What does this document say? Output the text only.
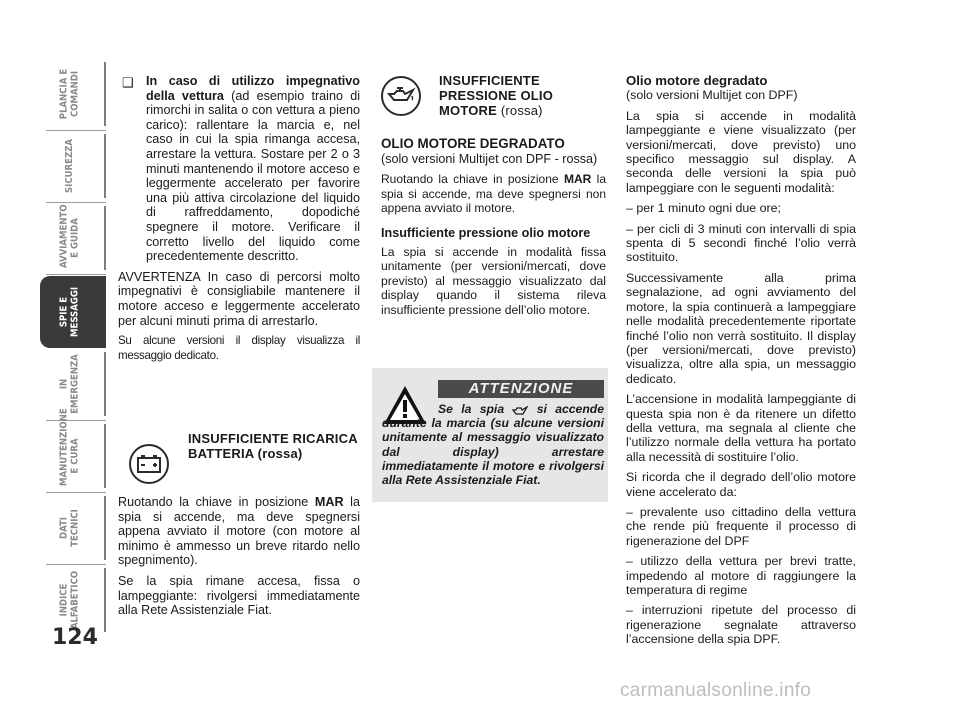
PLANCIA E COMANDI
SICUREZZA
AVVIAMENTO E GUIDA
SPIE E MESSAGGI
IN EMERGENZA
MANUTENZIONE E CURA
DATI TECNICI
INDICE ALFABETICO
124

❑ In caso di utilizzo impegnativo della vettura (ad esempio traino di rimorchi in salita o con vettura a pieno carico): rallentare la marcia e, nel caso in cui la spia rimanga accesa, arrestare la vettura. Sostare per 2 o 3 minuti mantenendo il motore acceso e leggermente accelerato per favorire una più attiva circolazione del liquido di raffreddamento, dopodiché spegnere il motore. Verificare il corretto livello del liquido come precedentemente descritto.

AVVERTENZA In caso di percorsi molto impegnativi è consigliabile mantenere il motore acceso e leggermente accelerato per alcuni minuti prima di arrestarlo.

Su alcune versioni il display visualizza il messaggio dedicato.

INSUFFICIENTE RICARICA BATTERIA (rossa)

Ruotando la chiave in posizione MAR la spia si accende, ma deve spegnersi appena avviato il motore (con motore al minimo è ammesso un breve ritardo nello spegnimento).

Se la spia rimane accesa, fissa o lampeggiante: rivolgersi immediatamente alla Rete Assistenziale Fiat.

INSUFFICIENTE PRESSIONE OLIO MOTORE (rossa)
OLIO MOTORE DEGRADATO

(solo versioni Multijet con DPF - rossa)

Ruotando la chiave in posizione MAR la spia si accende, ma deve spegnersi non appena avviato il motore.

Insufficiente pressione olio motore

La spia si accende in modalità fissa unitamente (per versioni/mercati, dove previsto) al messaggio visualizzato dal display quando il sistema rileva insufficiente pressione dell’olio motore.

ATTENZIONE
Se la spia  si accende durante la marcia (su alcune versioni unitamente al messaggio visualizzato dal display) arrestare immediatamente il motore e rivolgersi alla Rete Assistenziale Fiat.
Olio motore degradato

(solo versioni Multijet con DPF)

La spia si accende in modalità lampeggiante e viene visualizzato (per versioni/mercati, dove previsto) uno specifico messaggio sul display. A seconda delle versioni la spia può lampeggiare con le seguenti modalità:

– per 1 minuto ogni due ore;

– per cicli di 3 minuti con intervalli di spia spenta di 5 secondi finché l’olio verrà sostituito.

Successivamente alla prima segnalazione, ad ogni avviamento del motore, la spia continuerà a lampeggiare nelle modalità precedentemente riportate finché l’olio non verrà sostituito. Il display (per versioni/mercati, dove previsto) visualizza, oltre alla spia, un messaggio dedicato.

L’accensione in modalità lampeggiante di questa spia non è da ritenere un difetto della vettura, ma segnala al cliente che l’utilizzo normale della vettura ha portato alla necessità di sostituire l’olio.

Si ricorda che il degrado dell’olio motore viene accelerato da:

– prevalente uso cittadino della vettura che rende più frequente il processo di rigenerazione del DPF

– utilizzo della vettura per brevi tratte, impedendo al motore di raggiungere la temperatura di regime

– interruzioni ripetute del processo di rigenerazione segnalate attraverso l’accensione della spia DPF.

carmanualsonline.info
